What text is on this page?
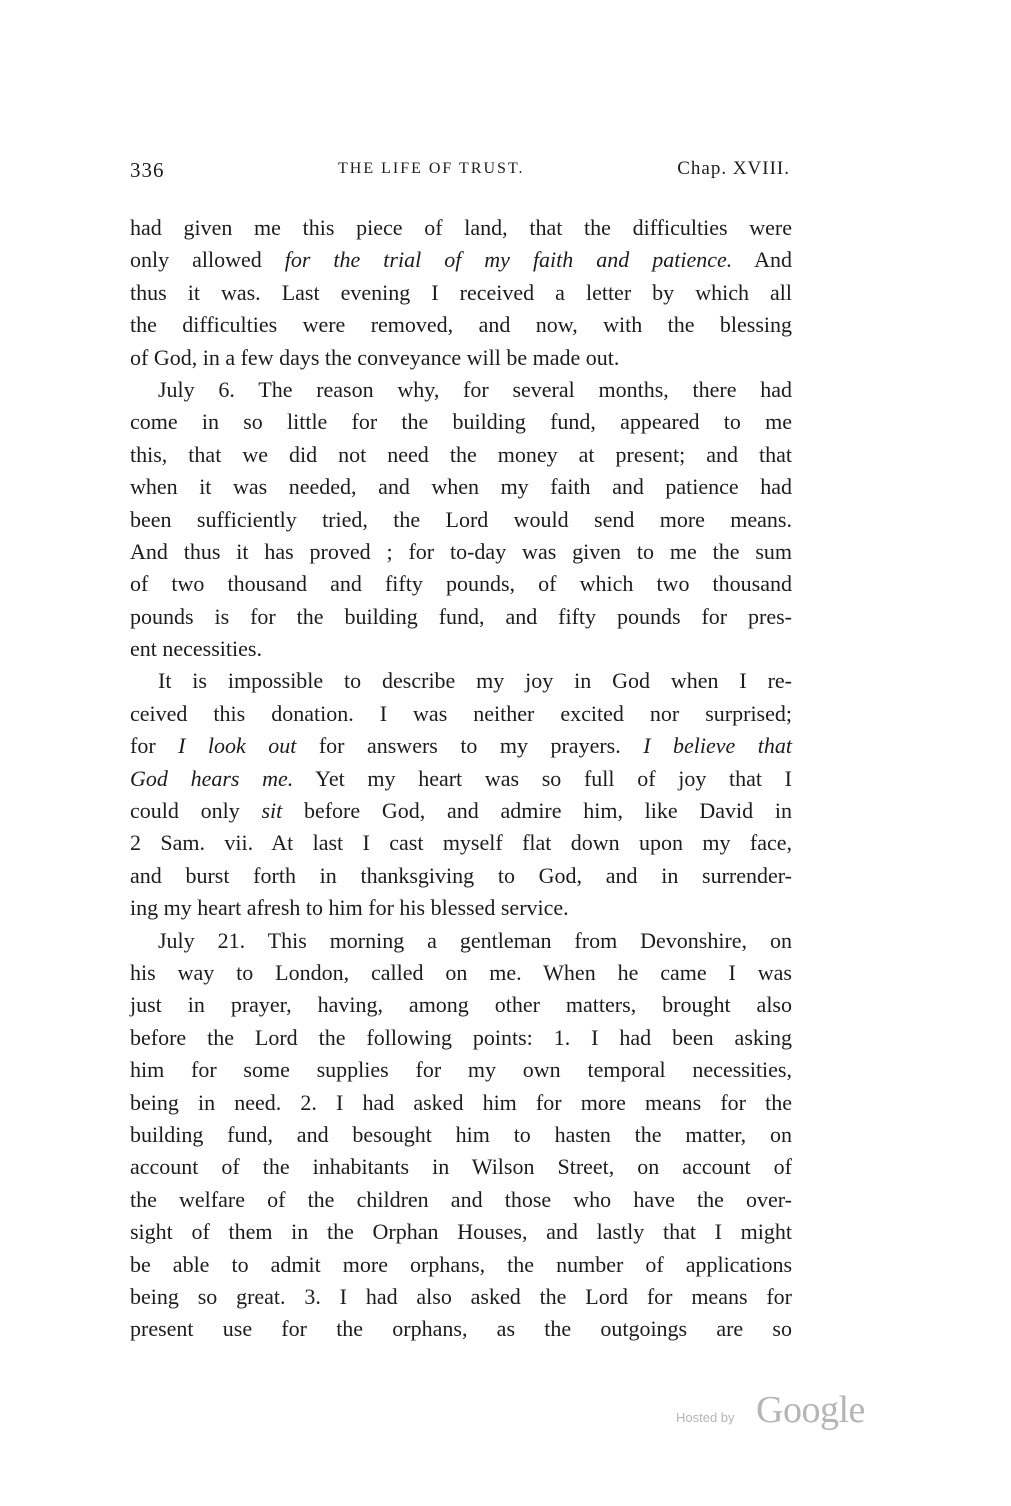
336	THE LIFE OF TRUST.	Chap. XVIII.
had given me this piece of land, that the difficulties were
only allowed for the trial of my faith and patience. And
thus it was. Last evening I received a letter by which all
the difficulties were removed, and now, with the blessing
of God, in a few days the conveyance will be made out.
July 6. The reason why, for several months, there had
come in so little for the building fund, appeared to me
this, that we did not need the money at present; and that
when it was needed, and when my faith and patience had
been sufficiently tried, the Lord would send more means.
And thus it has proved ; for to-day was given to me the sum
of two thousand and fifty pounds, of which two thousand
pounds is for the building fund, and fifty pounds for pres-
ent necessities.
It is impossible to describe my joy in God when I re-
ceived this donation. I was neither excited nor surprised;
for I look out for answers to my prayers. I believe that
God hears me. Yet my heart was so full of joy that I
could only sit before God, and admire him, like David in
2 Sam. vii. At last I cast myself flat down upon my face,
and burst forth in thanksgiving to God, and in surrender-
ing my heart afresh to him for his blessed service.
July 21. This morning a gentleman from Devonshire, on
his way to London, called on me. When he came I was
just in prayer, having, among other matters, brought also
before the Lord the following points: 1. I had been asking
him for some supplies for my own temporal necessities,
being in need. 2. I had asked him for more means for the
building fund, and besought him to hasten the matter, on
account of the inhabitants in Wilson Street, on account of
the welfare of the children and those who have the over-
sight of them in the Orphan Houses, and lastly that I might
be able to admit more orphans, the number of applications
being so great. 3. I had also asked the Lord for means for
present use for the orphans, as the outgoings are so
Hosted by Google
